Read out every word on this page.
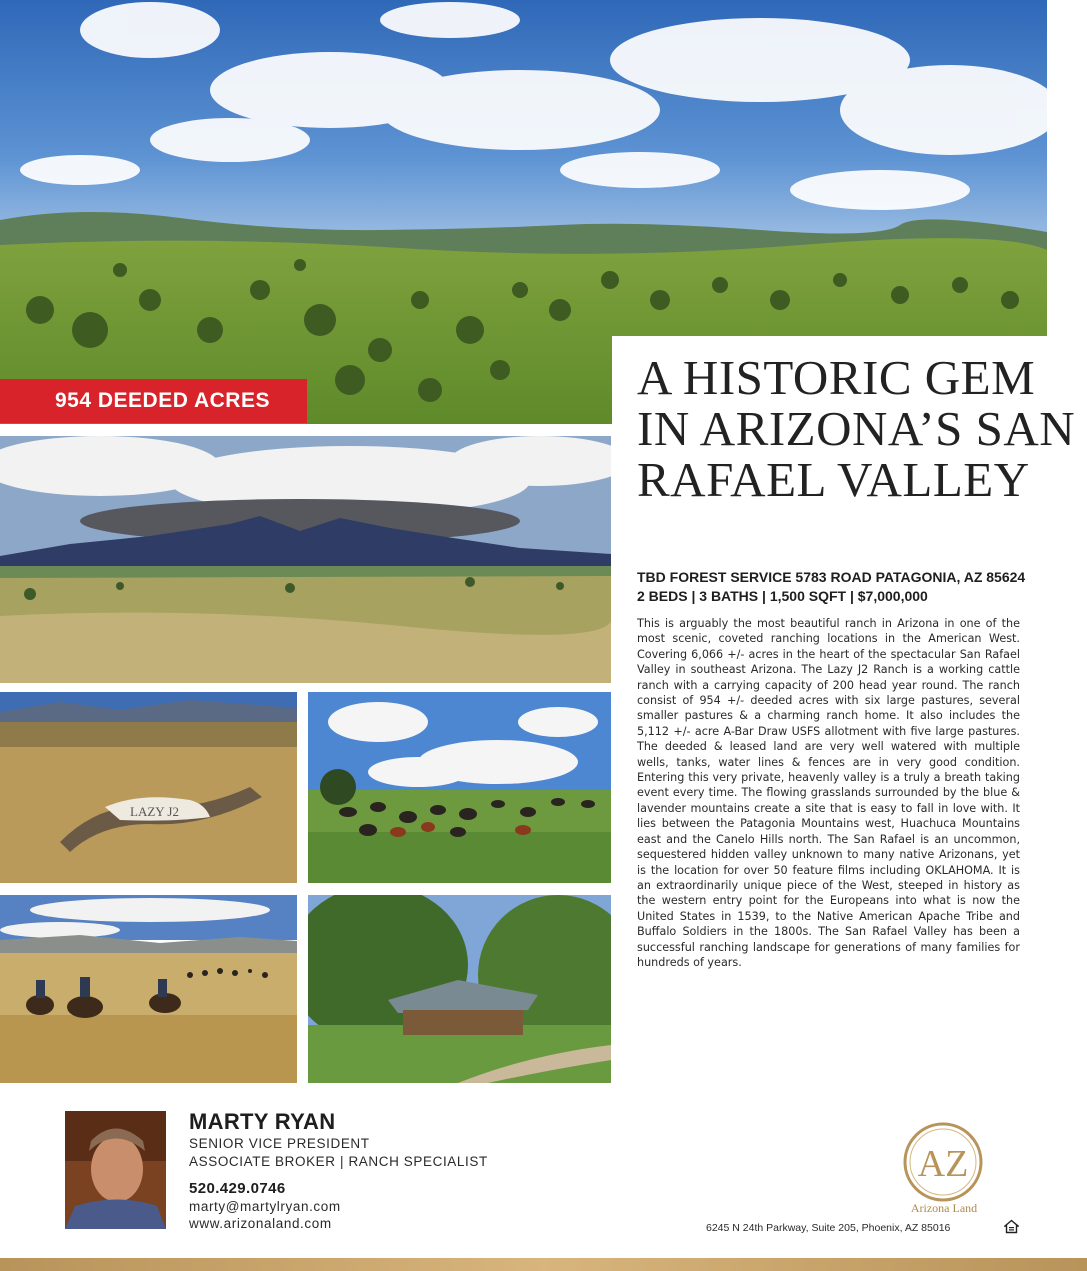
954 DEEDED ACRES
LAZY J2
A HISTORIC GEM IN ARIZONA’S SAN RAFAEL VALLEY
TBD FOREST SERVICE 5783 ROAD PATAGONIA, AZ 85624
2 BEDS | 3 BATHS | 1,500 SQFT | $7,000,000

This is arguably the most beautiful ranch in Arizona in one of the most scenic, coveted ranching locations in the American West. Covering 6,066 +/- acres in the heart of the spectacular San Rafael Valley in southeast Arizona. The Lazy J2 Ranch is a working cattle ranch with a carrying capacity of 200 head year round. The ranch consist of 954 +/- deeded acres with six large pastures, several smaller pastures & a charming ranch home. It also includes the 5,112 +/- acre A-Bar Draw USFS allotment with five large pastures. The deeded & leased land are very well watered with multiple wells, tanks, water lines & fences are in very good condition. Entering this very private, heavenly valley is a truly a breath taking event every time. The flowing grasslands surrounded by the blue & lavender mountains create a site that is easy to fall in love with. It lies between the Patagonia Mountains west, Huachuca Mountains east and the Canelo Hills north. The San Rafael is an uncommon, sequestered hidden valley unknown to many native Arizonans, yet is the location for over 50 feature films including OKLAHOMA. It is an extraordinarily unique piece of the West, steeped in history as the western entry point for the Europeans into what is now the United States in 1539, to the Native American Apache Tribe and Buffalo Soldiers in the 1800s. The San Rafael Valley has been a successful ranching landscape for generations of many families for hundreds of years.

MARTY RYAN
SENIOR VICE PRESIDENT
ASSOCIATE BROKER | RANCH SPECIALIST
520.429.0746
marty@martylryan.com
www.arizonaland.com
AZ
Arizona Land
6245 N 24th Parkway, Suite 205, Phoenix, AZ 85016
